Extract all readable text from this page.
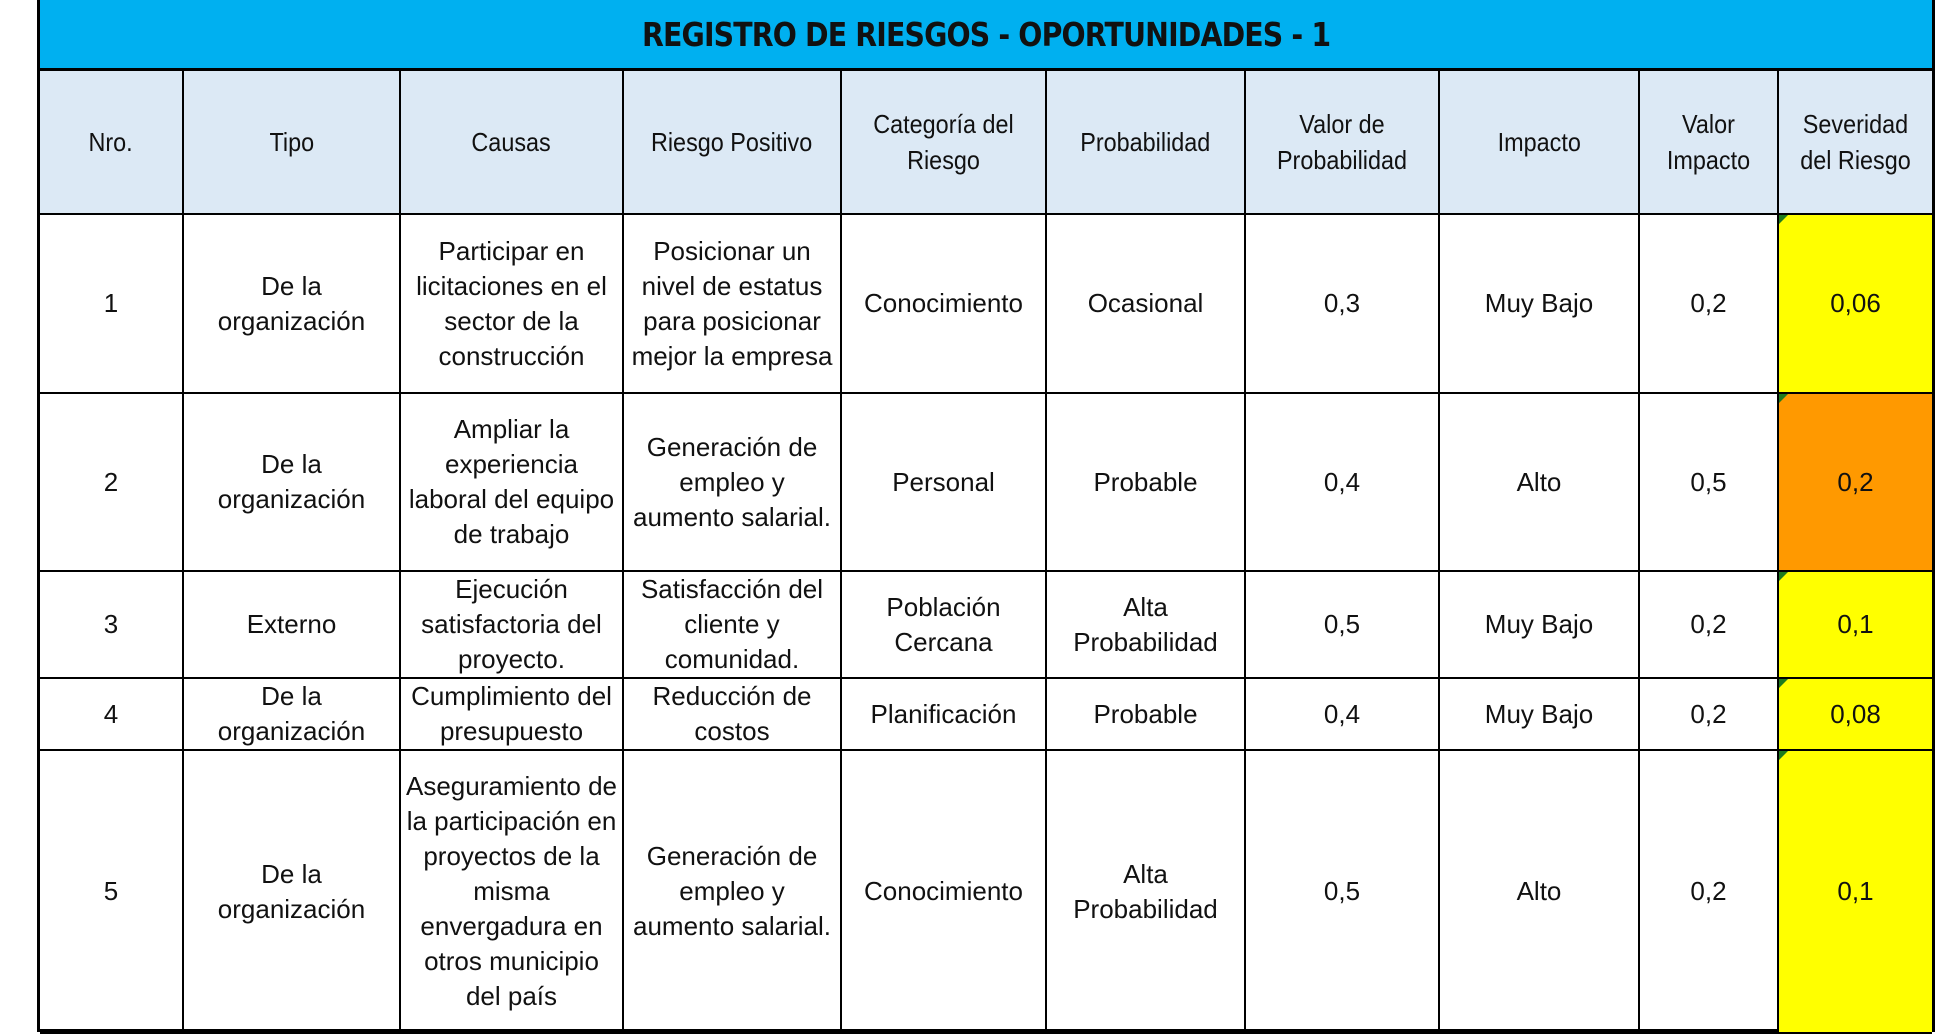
REGISTRO DE RIESGOS - OPORTUNIDADES - 1
Nro.	Tipo	Causas	Riesgo Positivo	Categoría del Riesgo	Probabilidad	Valor de Probabilidad	Impacto	Valor Impacto	Severidad del Riesgo
1	De la organización	Participar en licitaciones en el sector de la construcción	Posicionar un nivel de estatus para posicionar mejor la empresa	Conocimiento	Ocasional	0,3	Muy Bajo	0,2	0,06
2	De la organización	Ampliar la experiencia laboral del equipo de trabajo	Generación de empleo y aumento salarial.	Personal	Probable	0,4	Alto	0,5	0,2
3	Externo	Ejecución satisfactoria del proyecto.	Satisfacción del cliente y comunidad.	Población Cercana	Alta Probabilidad	0,5	Muy Bajo	0,2	0,1
4	De la organización	Cumplimiento del presupuesto	Reducción de costos	Planificación	Probable	0,4	Muy Bajo	0,2	0,08
5	De la organización	Aseguramiento de la participación en proyectos de la misma envergadura en otros municipio del país	Generación de empleo y aumento salarial.	Conocimiento	Alta Probabilidad	0,5	Alto	0,2	0,1
